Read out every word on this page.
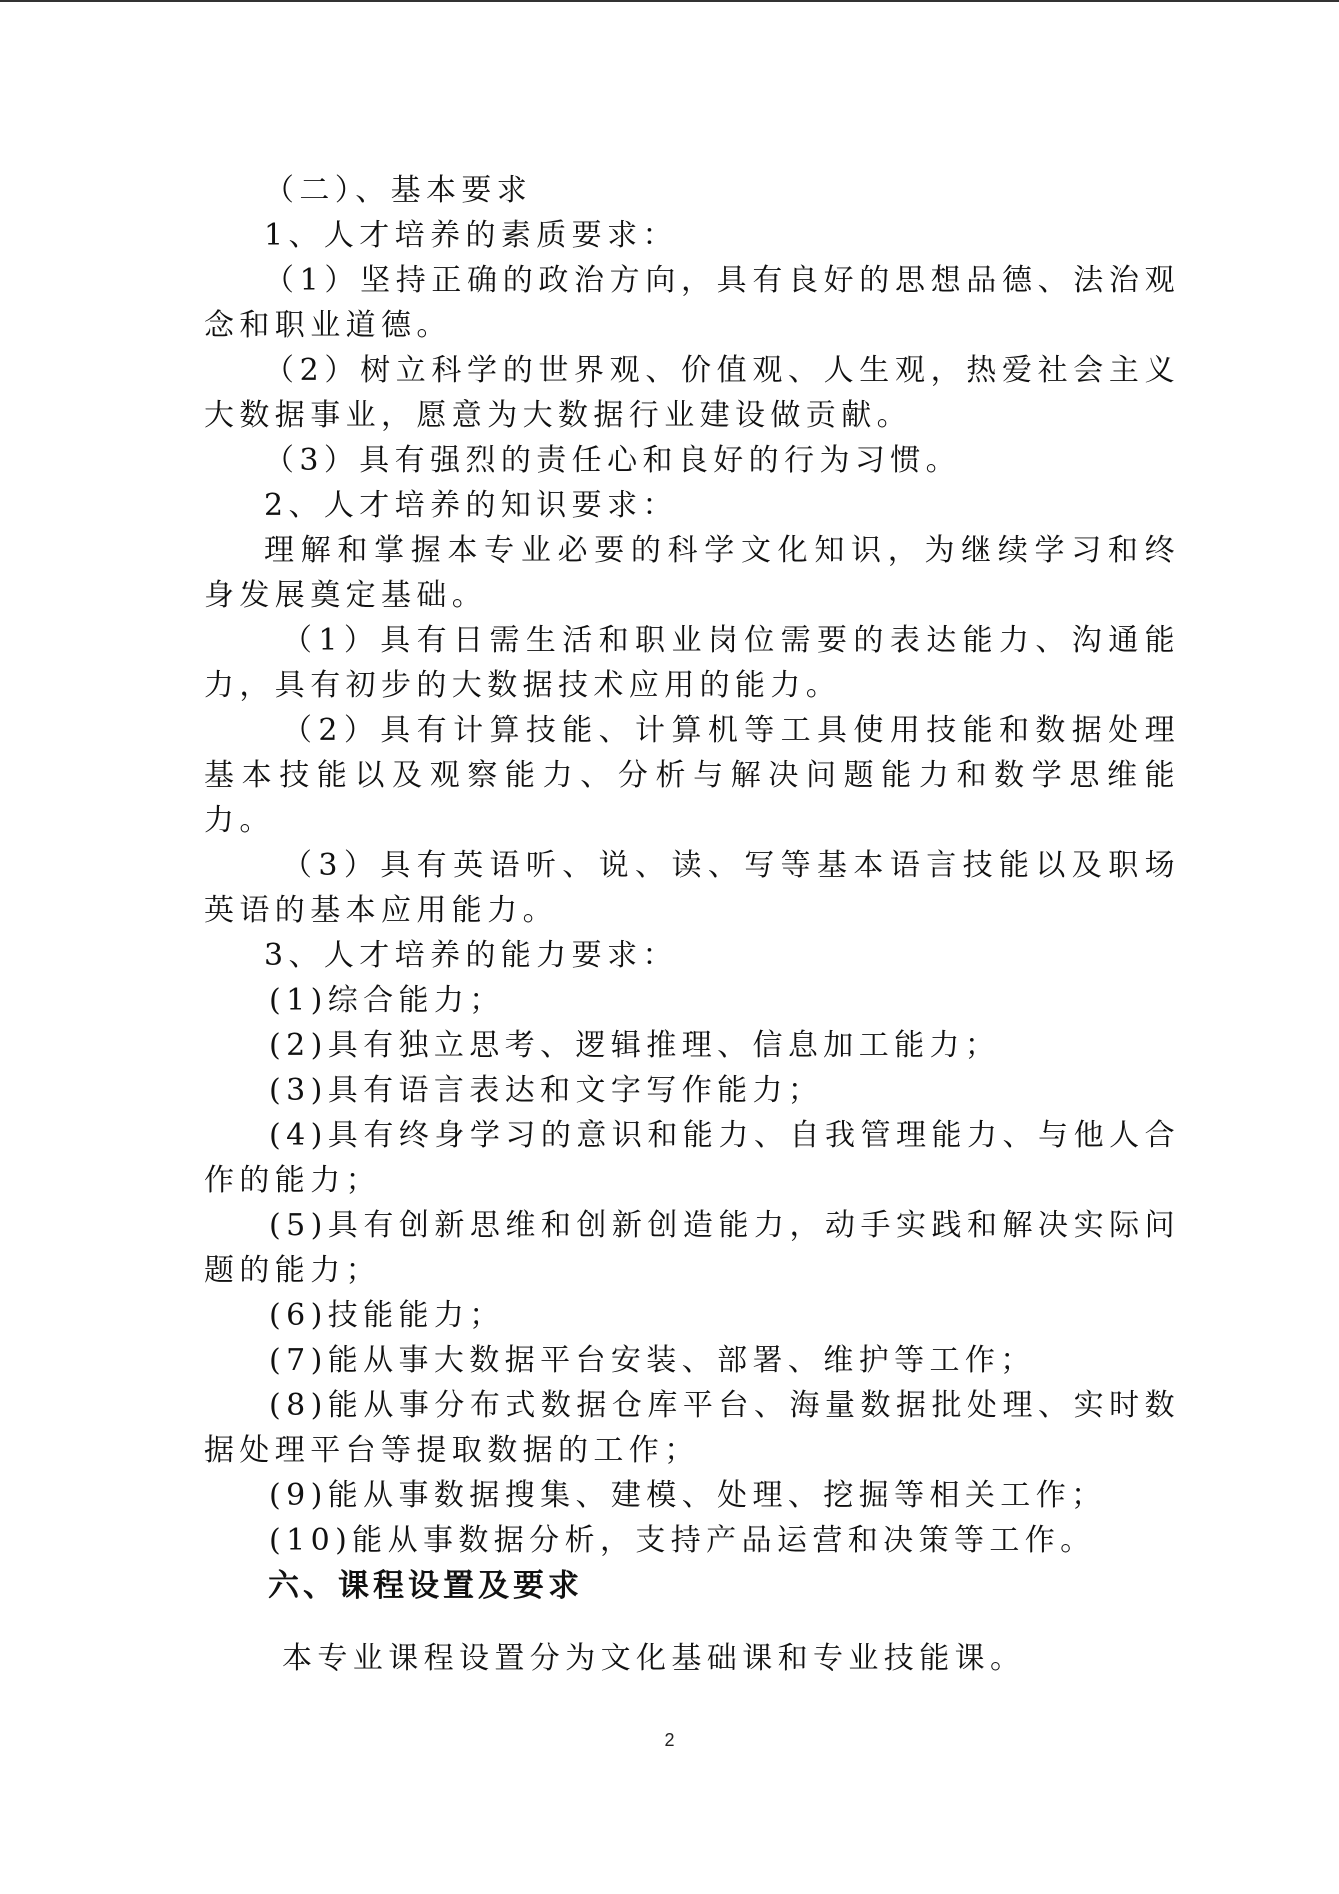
（二）、基本要求

1、人才培养的素质要求：

（1）坚持正确的政治方向，具有良好的思想品德、法治观念和职业道德。

（2）树立科学的世界观、价值观、人生观，热爱社会主义大数据事业，愿意为大数据行业建设做贡献。

（3）具有强烈的责任心和良好的行为习惯。

2、人才培养的知识要求：

理解和掌握本专业必要的科学文化知识，为继续学习和终身发展奠定基础。

（1）具有日需生活和职业岗位需要的表达能力、沟通能力，具有初步的大数据技术应用的能力。

（2）具有计算技能、计算机等工具使用技能和数据处理基本技能以及观察能力、分析与解决问题能力和数学思维能力。

（3）具有英语听、说、读、写等基本语言技能以及职场英语的基本应用能力。

3、人才培养的能力要求：

(1)综合能力；

(2)具有独立思考、逻辑推理、信息加工能力；

(3)具有语言表达和文字写作能力；

(4)具有终身学习的意识和能力、自我管理能力、与他人合作的能力；

(5)具有创新思维和创新创造能力，动手实践和解决实际问题的能力；

(6)技能能力；

(7)能从事大数据平台安装、部署、维护等工作；

(8)能从事分布式数据仓库平台、海量数据批处理、实时数据处理平台等提取数据的工作；

(9)能从事数据搜集、建模、处理、挖掘等相关工作；

(10)能从事数据分析，支持产品运营和决策等工作。

六、课程设置及要求

本专业课程设置分为文化基础课和专业技能课。

2
